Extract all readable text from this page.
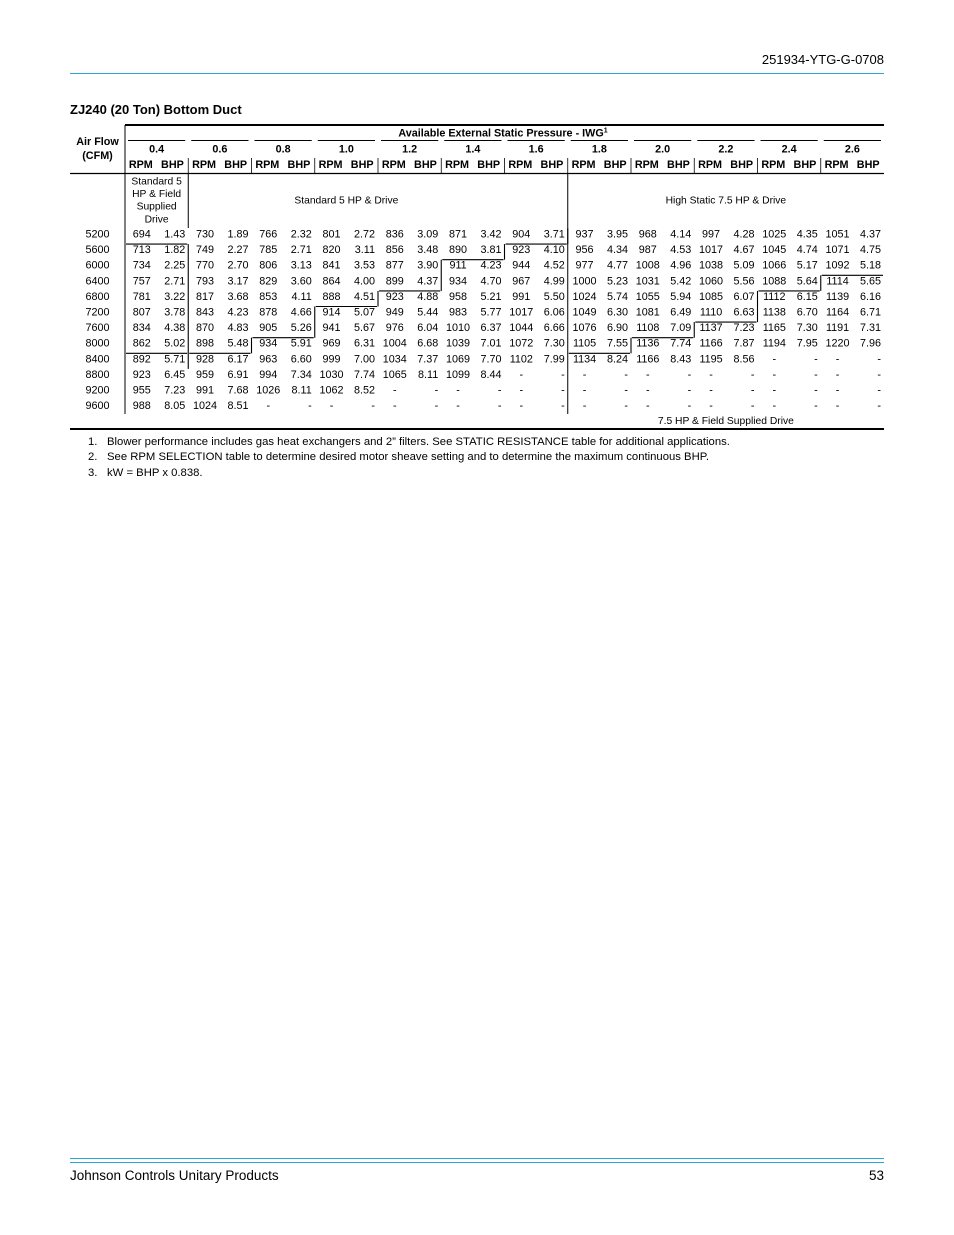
251934-YTG-G-0708
ZJ240 (20 Ton) Bottom Duct
Air Flow
(CFM)
Available External Static Pressure - IWG$^1$
0.4
RPM BHP
0.6
RPM BHP
0.8
RPM BHP
1.0
RPM BHP
1.2
RPM BHP
1.4
RPM BHP
1.6
RPM BHP
1.8
RPM BHP
2.0
RPM BHP
2.2
RPM BHP
2.4
RPM BHP
2.6
RPM BHP
Standard 5
HP & Field
Supplied
Drive
Standard 5 HP & Drive	High Static 7.5 HP & Drive
7.5 HP & Field Supplied Drive
5200 694 1.43 730 1.89 766 2.32 801 2.72 836 3.09 871 3.42 904 3.71 937 3.95 968 4.14 997 4.28 1025 4.35 1051 4.37
5600 713 1.82 749 2.27 785 2.71 820 3.11 856 3.48 890 3.81 923 4.10 956 4.34 987 4.53 1017 4.67 1045 4.74 1071 4.75
6000 734 2.25 770 2.70 806 3.13 841 3.53 877 3.90 911 4.23 944 4.52 977 4.77 1008 4.96 1038 5.09 1066 5.17 1092 5.18
6400 757 2.71 793 3.17 829 3.60 864 4.00 899 4.37 934 4.70 967 4.99 1000 5.23 1031 5.42 1060 5.56 1088 5.64 1114 5.65
6800 781 3.22 817 3.68 853 4.11 888 4.51 923 4.88 958 5.21 991 5.50 1024 5.74 1055 5.94 1085 6.07 1112 6.15 1139 6.16
7200 807 3.78 843 4.23 878 4.66 914 5.07 949 5.44 983 5.77 1017 6.06 1049 6.30 1081 6.49 1110 6.63 1138 6.70 1164 6.71
7600 834 4.38 870 4.83 905 5.26 941 5.67 976 6.04 1010 6.37 1044 6.66 1076 6.90 1108 7.09 1137 7.23 1165 7.30 1191 7.31
8000 862 5.02 898 5.48 934 5.91 969 6.31 1004 6.68 1039 7.01 1072 7.30 1105 7.55 1136 7.74 1166 7.87 1194 7.95 1220 7.96
8400 892 5.71 928 6.17 963 6.60 999 7.00 1034 7.37 1069 7.70 1102 7.99 1134 8.24 1166 8.43 1195 8.56 -	- -	-
8800 923 6.45 959 6.91 994 7.34 1030 7.74 1065 8.11 1099 8.44 -	- -	- -	- -	- -	- -	-
9200 955 7.23 991 7.68 1026 8.11 1062 8.52 -	- -	- -	- -	- -	- -	- -	- -	-
9600 988 8.05 1024 8.51 -	- -	- -	- -	- -	- -	- -	- -	- -	- -	-
1. Blower performance includes gas heat exchangers and 2” filters. See STATIC RESISTANCE table for additional applications.
2. See RPM SELECTION table to determine desired motor sheave setting and to determine the maximum continuous BHP.
3. kW = BHP x 0.838.
Johnson Controls Unitary Products	53
